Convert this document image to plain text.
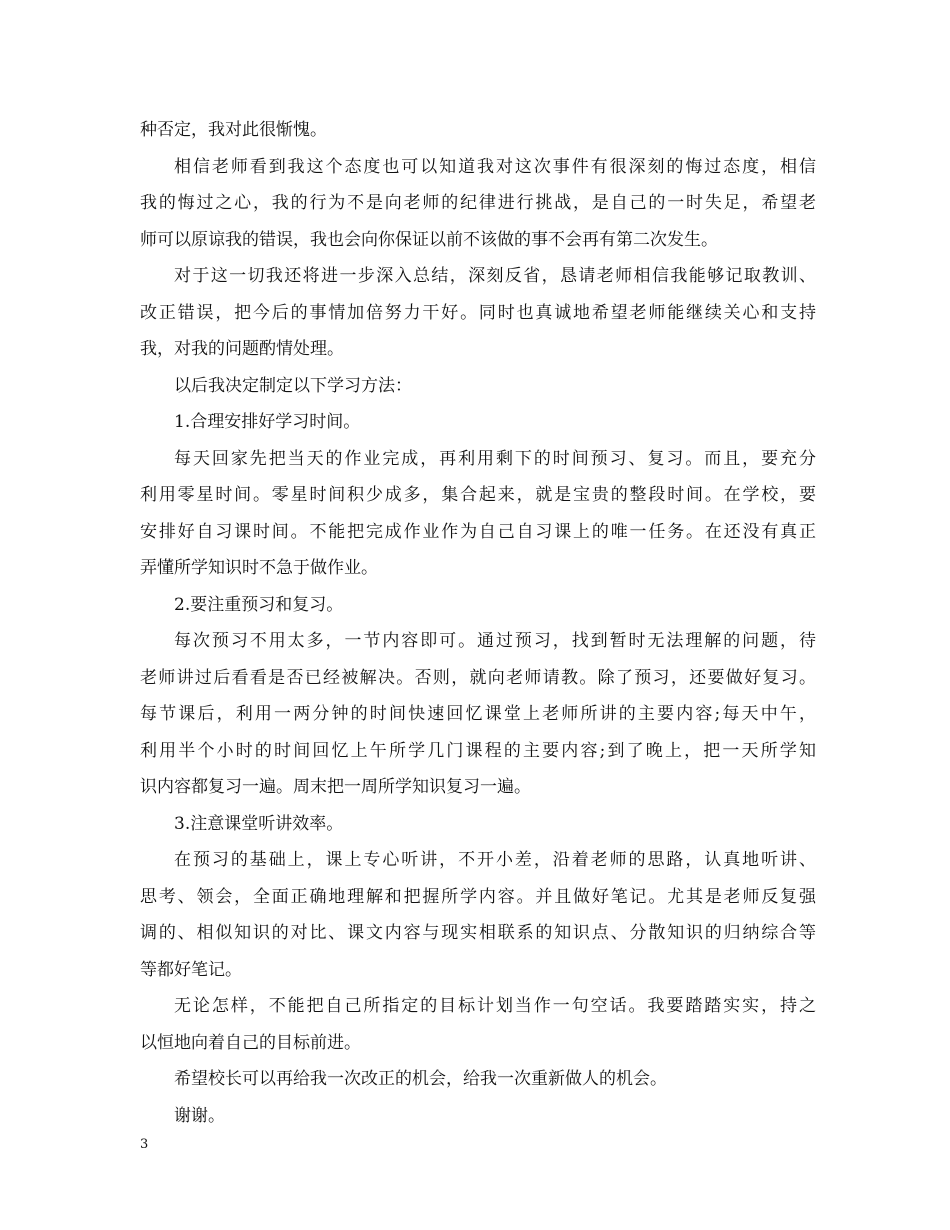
种否定，我对此很惭愧。
相信老师看到我这个态度也可以知道我对这次事件有很深刻的悔过态度，相信
我的悔过之心，我的行为不是向老师的纪律进行挑战，是自己的一时失足，希望老
师可以原谅我的错误，我也会向你保证以前不该做的事不会再有第二次发生。
对于这一切我还将进一步深入总结，深刻反省，恳请老师相信我能够记取教训、
改正错误，把今后的事情加倍努力干好。同时也真诚地希望老师能继续关心和支持
我，对我的问题酌情处理。
以后我决定制定以下学习方法：
1.合理安排好学习时间。
每天回家先把当天的作业完成，再利用剩下的时间预习、复习。而且，要充分
利用零星时间。零星时间积少成多，集合起来，就是宝贵的整段时间。在学校，要
安排好自习课时间。不能把完成作业作为自己自习课上的唯一任务。在还没有真正
弄懂所学知识时不急于做作业。
2.要注重预习和复习。
每次预习不用太多，一节内容即可。通过预习，找到暂时无法理解的问题，待
老师讲过后看看是否已经被解决。否则，就向老师请教。除了预习，还要做好复习。
每节课后，利用一两分钟的时间快速回忆课堂上老师所讲的主要内容;每天中午，
利用半个小时的时间回忆上午所学几门课程的主要内容;到了晚上，把一天所学知
识内容都复习一遍。周末把一周所学知识复习一遍。
3.注意课堂听讲效率。
在预习的基础上，课上专心听讲，不开小差，沿着老师的思路，认真地听讲、
思考、领会，全面正确地理解和把握所学内容。并且做好笔记。尤其是老师反复强
调的、相似知识的对比、课文内容与现实相联系的知识点、分散知识的归纳综合等
等都好笔记。
无论怎样，不能把自己所指定的目标计划当作一句空话。我要踏踏实实，持之
以恒地向着自己的目标前进。
希望校长可以再给我一次改正的机会，给我一次重新做人的机会。
谢谢。
3
